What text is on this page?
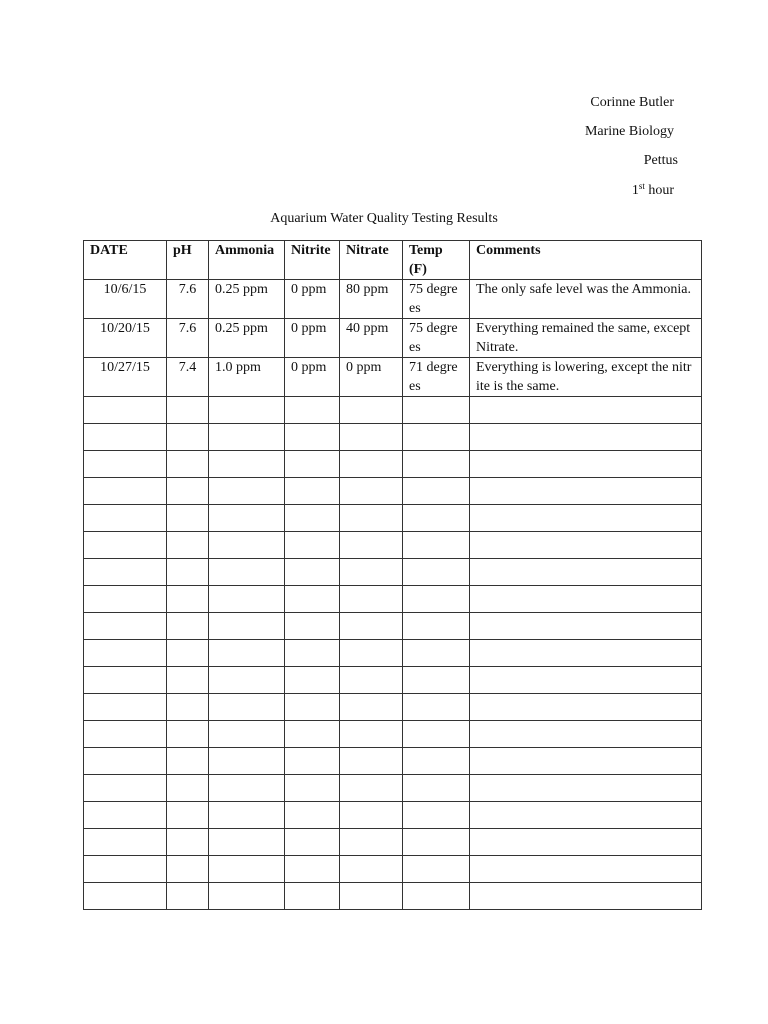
Corinne Butler
Marine Biology
Pettus
1st hour
Aquarium Water Quality Testing Results
DATE	pH	Ammonia	Nitrite	Nitrate	Temp (F)	Comments
10/6/15	7.6	0.25 ppm	0 ppm	80 ppm	75 degrees	The only safe level was the Ammonia.
10/20/15	7.6	0.25 ppm	0 ppm	40 ppm	75 degrees	Everything remained the same, except Nitrate.
10/27/15	7.4	1.0 ppm	0 ppm	0 ppm	71 degrees	Everything is lowering, except the nitrite is the same.
